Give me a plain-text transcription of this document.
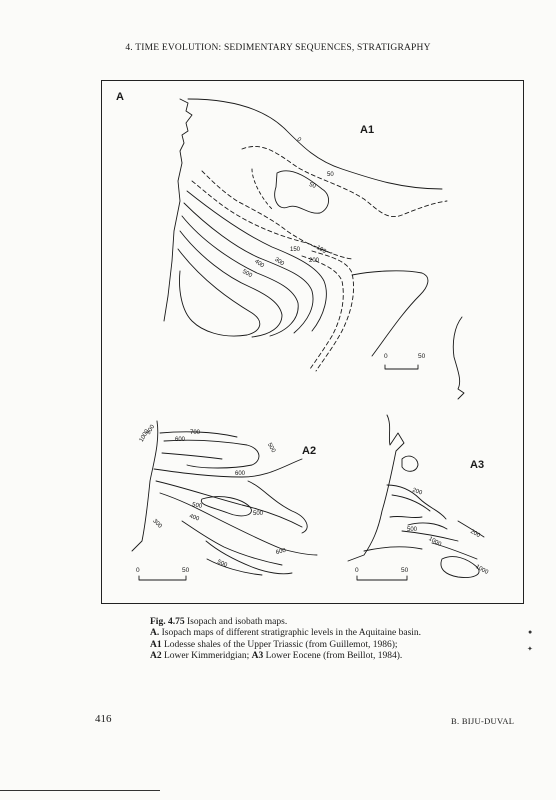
4. TIME EVOLUTION: SEDIMENTARY SEQUENCES, STRATIGRAPHY
A
A1
A2
A3
0
50
50
100
150
200
300
400
500
0	50
900
1000	700
600
500
600
500
400
300
500
600
500
0	50
200
500
1000
200
1000
0	50
Fig. 4.75 Isopach and isobath maps.
A. Isopach maps of different stratigraphic levels in the Aquitaine basin.
A1 Lodesse shales of the Upper Triassic (from Guillemot, 1986);
A2 Lower Kimmeridgian; A3 Lower Eocene (from Beillot, 1984).
416	B. BIJU-DUVAL
●
✦
